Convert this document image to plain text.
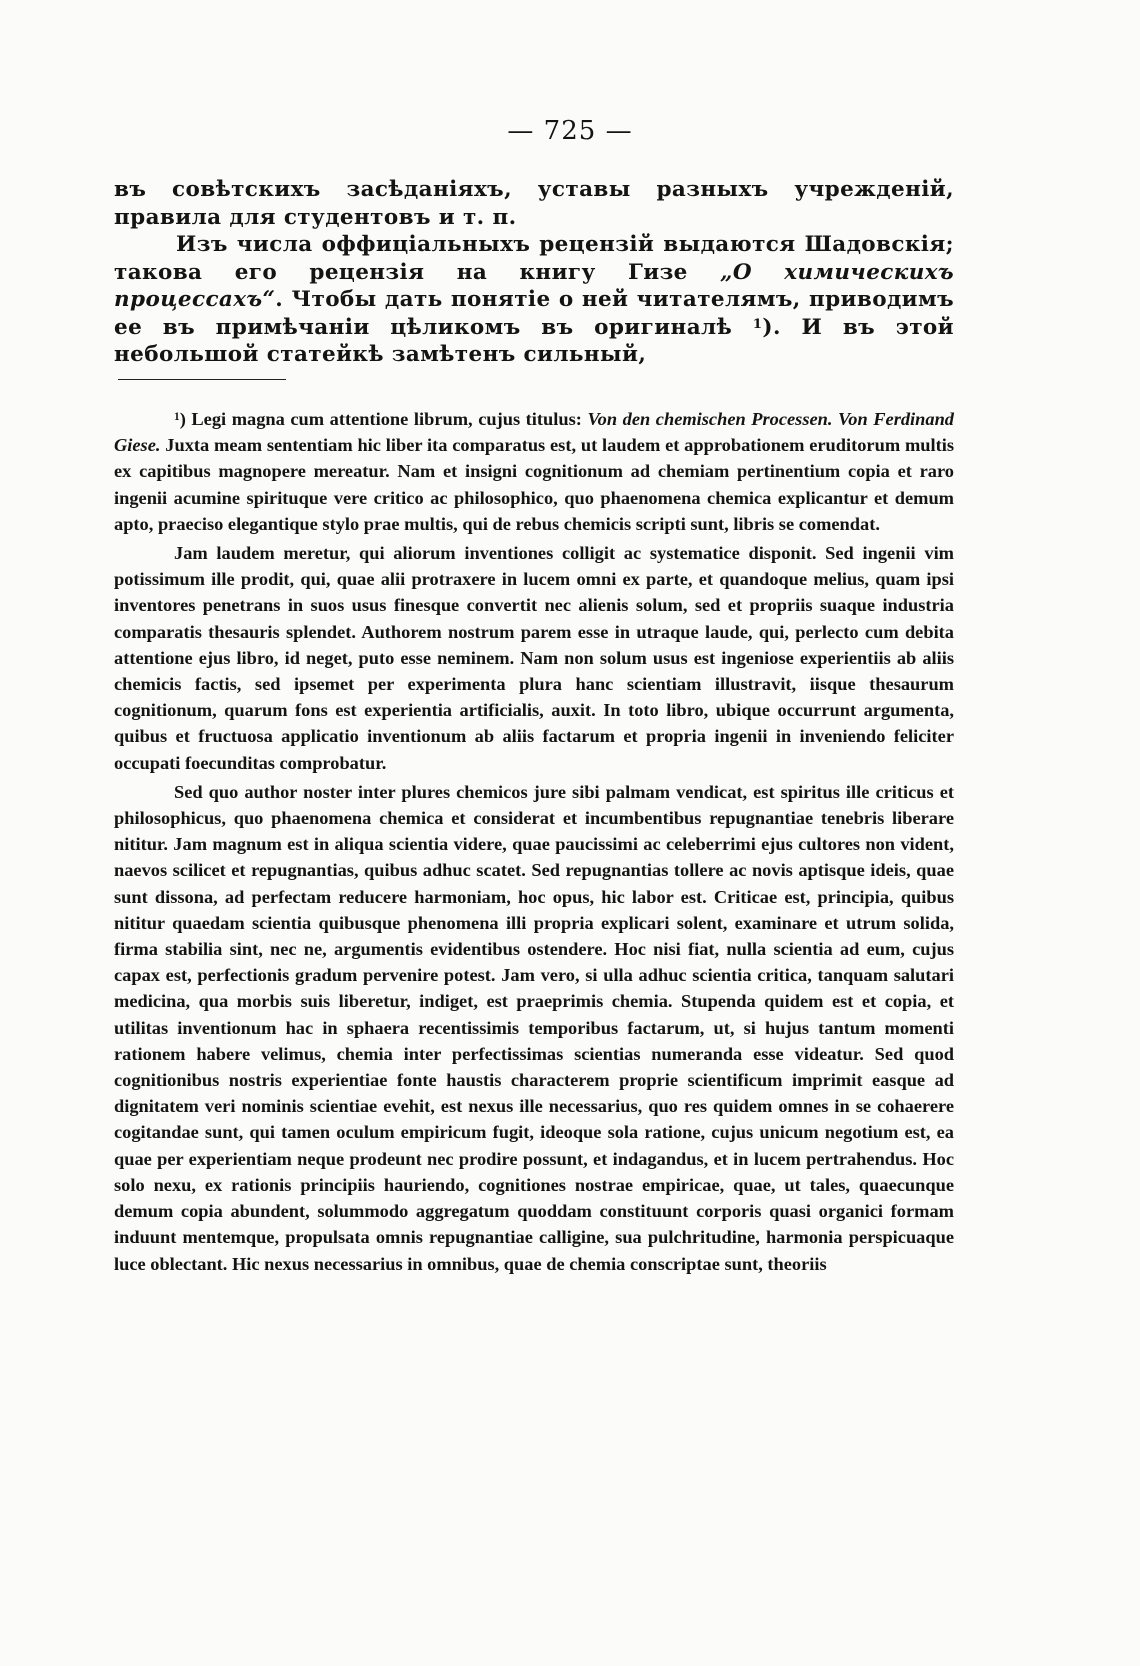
— 725 —

въ совѣтскихъ засѣданіяхъ, уставы разныхъ учрежденій, правила для студентовъ и т. п.

Изъ числа оффиціальныхъ рецензій выдаются Шадовскія; такова его рецензія на книгу Гизе „О химическихъ процессахъ“. Чтобы дать понятіе о ней читателямъ, приводимъ ее въ примѣчаніи цѣликомъ въ оригиналѣ $^1$). И въ этой небольшой статейкѣ замѣтенъ сильный,

$^1$) Legi magna cum attentione librum, cujus titulus: Von den chemischen Processen. Von Ferdinand Giese. Juxta meam sententiam hic liber ita comparatus est, ut laudem et approbationem eruditorum multis ex capitibus magnopere mereatur. Nam et insigni cognitionum ad chemiam pertinentium copia et raro ingenii acumine spirituque vere critico ac philosophico, quo phaenomena chemica explicantur et demum apto, praeciso elegantique stylo prae multis, qui de rebus chemicis scripti sunt, libris se comendat.

Jam laudem meretur, qui aliorum inventiones colligit ac systematice disponit. Sed ingenii vim potissimum ille prodit, qui, quae alii protraxere in lucem omni ex parte, et quandoque melius, quam ipsi inventores penetrans in suos usus finesque convertit nec alienis solum, sed et propriis suaque industria comparatis thesauris splendet. Authorem nostrum parem esse in utraque laude, qui, perlecto cum debita attentione ejus libro, id neget, puto esse neminem. Nam non solum usus est ingeniose experientiis ab aliis chemicis factis, sed ipsemet per experimenta plura hanc scientiam illustravit, iisque thesaurum cognitionum, quarum fons est experientia artificialis, auxit. In toto libro, ubique occurrunt argumenta, quibus et fructuosa applicatio inventionum ab aliis factarum et propria ingenii in inveniendo feliciter occupati foecunditas comprobatur.

Sed quo author noster inter plures chemicos jure sibi palmam vendicat, est spiritus ille criticus et philosophicus, quo phaenomena chemica et considerat et incumbentibus repugnantiae tenebris liberare nititur. Jam magnum est in aliqua scientia videre, quae paucissimi ac celeberrimi ejus cultores non vident, naevos scilicet et repugnantias, quibus adhuc scatet. Sed repugnantias tollere ac novis aptisque ideis, quae sunt dissona, ad perfectam reducere harmoniam, hoc opus, hic labor est. Criticae est, principia, quibus nititur quaedam scientia quibusque phenomena illi propria explicari solent, examinare et utrum solida, firma stabilia sint, nec ne, argumentis evidentibus ostendere. Hoc nisi fiat, nulla scientia ad eum, cujus capax est, perfectionis gradum pervenire potest. Jam vero, si ulla adhuc scientia critica, tanquam salutari medicina, qua morbis suis liberetur, indiget, est praeprimis chemia. Stupenda quidem est et copia, et utilitas inventionum hac in sphaera recentissimis temporibus factarum, ut, si hujus tantum momenti rationem habere velimus, chemia inter perfectissimas scientias numeranda esse videatur. Sed quod cognitionibus nostris experientiae fonte haustis characterem proprie scientificum imprimit easque ad dignitatem veri nominis scientiae evehit, est nexus ille necessarius, quo res quidem omnes in se cohaerere cogitandae sunt, qui tamen oculum empiricum fugit, ideoque sola ratione, cujus unicum negotium est, ea quae per experientiam neque prodeunt nec prodire possunt, et indagandus, et in lucem pertrahendus. Hoc solo nexu, ex rationis principiis hauriendo, cognitiones nostrae empiricae, quae, ut tales, quaecunque demum copia abundent, solummodo aggregatum quoddam constituunt corporis quasi organici formam induunt mentemque, propulsata omnis repugnantiae calligine, sua pulchritudine, harmonia perspicuaque luce oblectant. Hic nexus necessarius in omnibus, quae de chemia conscriptae sunt, theoriis
